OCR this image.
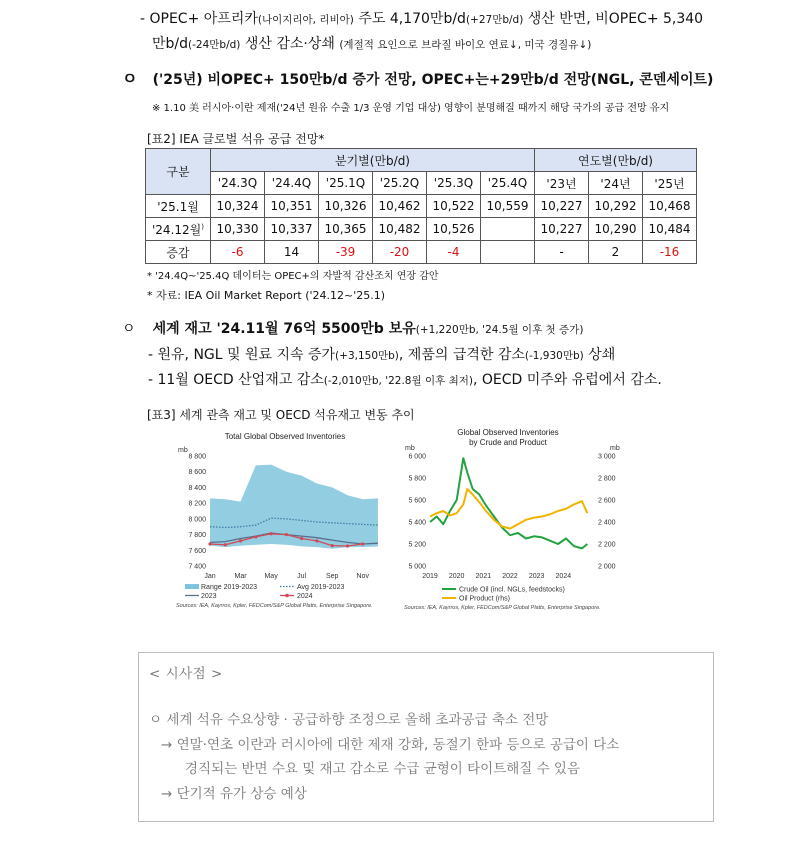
- OPEC+ 아프리카(나이지리아, 리비아) 주도 4,170만b/d(+27만b/d) 생산 반면, 비OPEC+ 5,340
만b/d(-24만b/d) 생산 감소·상쇄 (계절적 요인으로 브라질 바이오 연료↓, 미국 경질유↓)
ㅇ ('25년) 비OPEC+ 150만b/d 증가 전망, OPEC+는+29만b/d 전망(NGL, 콘덴세이트)
※ 1.10 美 러시아·이란 제재('24년 원유 수출 1/3 운영 기업 대상) 영향이 분명해질 때까지 해당 국가의 공급 전망 유지
[표2] IEA 글로벌 석유 공급 전망*
구분	분기별(만b/d)						연도별(만b/d)		
	'24.3Q	'24.4Q	'25.1Q	'25.2Q	'25.3Q	'25.4Q	'23년	'24년	'25년
'25.1월	10,324	10,351	10,326	10,462	10,522	10,559	10,227	10,292	10,468
'24.12월)	10,330	10,337	10,365	10,482	10,526		10,227	10,290	10,484
증감	-6	14	-39	-20	-4		-	2	-16
* '24.4Q~'25.4Q 데이터는 OPEC+의 자발적 감산조치 연장 감안
* 자료: IEA Oil Market Report ('24.12~'25.1)
ㅇ 세계 재고 '24.11월 76억 5500만b 보유(+1,220만b, '24.5월 이후 첫 증가)
- 원유, NGL 및 원료 지속 증가(+3,150만b), 제품의 급격한 감소(-1,930만b) 상쇄
- 11월 OECD 산업재고 감소(-2,010만b, '22.8월 이후 최저), OECD 미주와 유럽에서 감소.
[표3] 세계 관측 재고 및 OECD 석유재고 변동 추이
Total Global Observed Inventories
mb
8 800
8 600
8 400
8 200
8 000
7 800
7 600
7 400
Jan	Mar	May	Jul	Sep	Nov
Range 2019-2023	Avg 2019-2023
2023	2024
Sources: IEA, Kayrros, Kpler, FEDCom/S&P Global Platts, Enterprise Singapore.
Global Observed Inventories
by Crude and Product
mb	mb
6 000
5 800
5 600
5 400
5 200
5 000
3 000
2 800
2 600
2 400
2 200
2 000
2019 2020 2021 2022 2023 2024
Crude Oil (incl. NGLs, feedstocks)
Oil Product (rhs)
Sources: IEA, Kayrros, Kpler, FEDCom/S&P Global Platts, Enterprise Singapore.
< 시사점 >
ㅇ 세계 석유 수요상향 · 공급하향 조정으로 올해 초과공급 축소 전망
→ 연말·연초 이란과 러시아에 대한 제재 강화, 동절기 한파 등으로 공급이 다소
경직되는 반면 수요 및 재고 감소로 수급 균형이 타이트해질 수 있음
→ 단기적 유가 상승 예상
